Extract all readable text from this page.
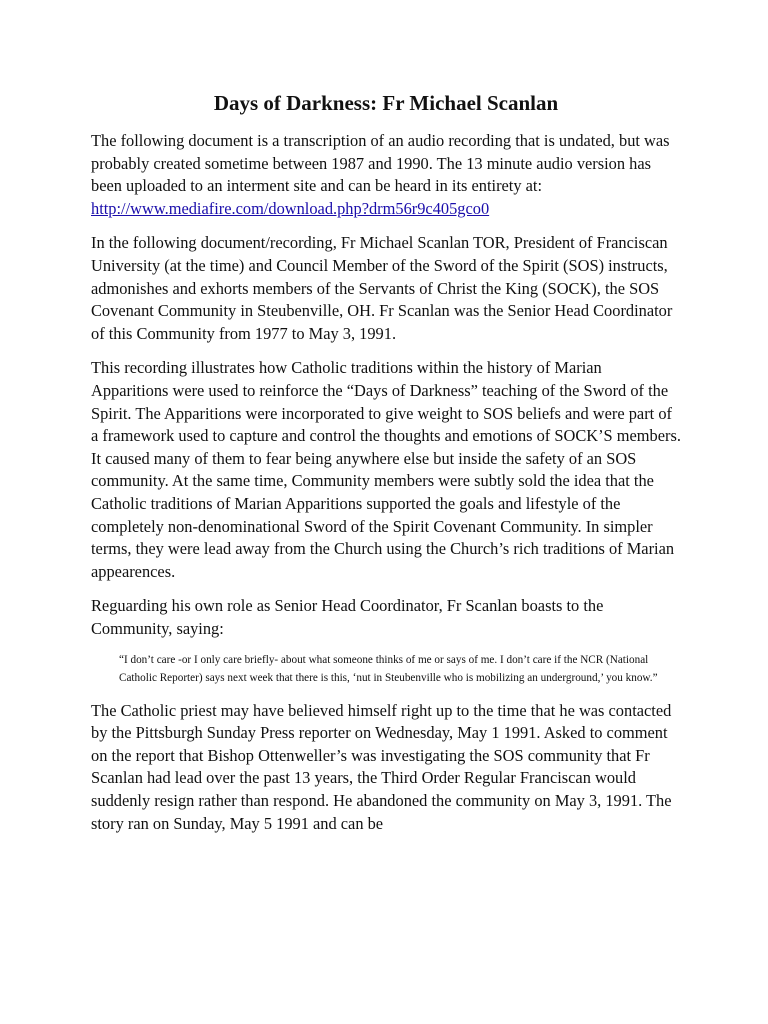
Days of Darkness: Fr Michael Scanlan
The following document is a transcription of an audio recording that is undated, but was probably created sometime between 1987 and 1990. The 13 minute audio version has been uploaded to an interment site and can be heard in its entirety at: http://www.mediafire.com/download.php?drm56r9c405gco0
In the following document/recording, Fr Michael Scanlan TOR, President of Franciscan University (at the time) and Council Member of the Sword of the Spirit (SOS) instructs, admonishes and exhorts members of the Servants of Christ the King (SOCK), the SOS Covenant Community in Steubenville, OH. Fr Scanlan was the Senior Head Coordinator of this Community from 1977 to May 3, 1991.
This recording illustrates how Catholic traditions within the history of Marian Apparitions were used to reinforce the “Days of Darkness” teaching of the Sword of the Spirit. The Apparitions were incorporated to give weight to SOS beliefs and were part of a framework used to capture and control the thoughts and emotions of SOCK’S members. It caused many of them to fear being anywhere else but inside the safety of an SOS community. At the same time, Community members were subtly sold the idea that the Catholic traditions of Marian Apparitions supported the goals and lifestyle of the completely non-denominational Sword of the Spirit Covenant Community. In simpler terms, they were lead away from the Church using the Church’s rich traditions of Marian appearences.
Reguarding his own role as Senior Head Coordinator, Fr Scanlan boasts to the Community, saying:
“I don’t care -or I only care briefly- about what someone thinks of me or says of me. I don’t care if the NCR (National Catholic Reporter) says next week that there is this, ‘nut in Steubenville who is mobilizing an underground,’ you know.”
The Catholic priest may have believed himself right up to the time that he was contacted by the Pittsburgh Sunday Press reporter on Wednesday, May 1 1991. Asked to comment on the report that Bishop Ottenweller’s was investigating the SOS community that Fr Scanlan had lead over the past 13 years, the Third Order Regular Franciscan would suddenly resign rather than respond. He abandoned the community on May 3, 1991. The story ran on Sunday, May 5 1991 and can be
